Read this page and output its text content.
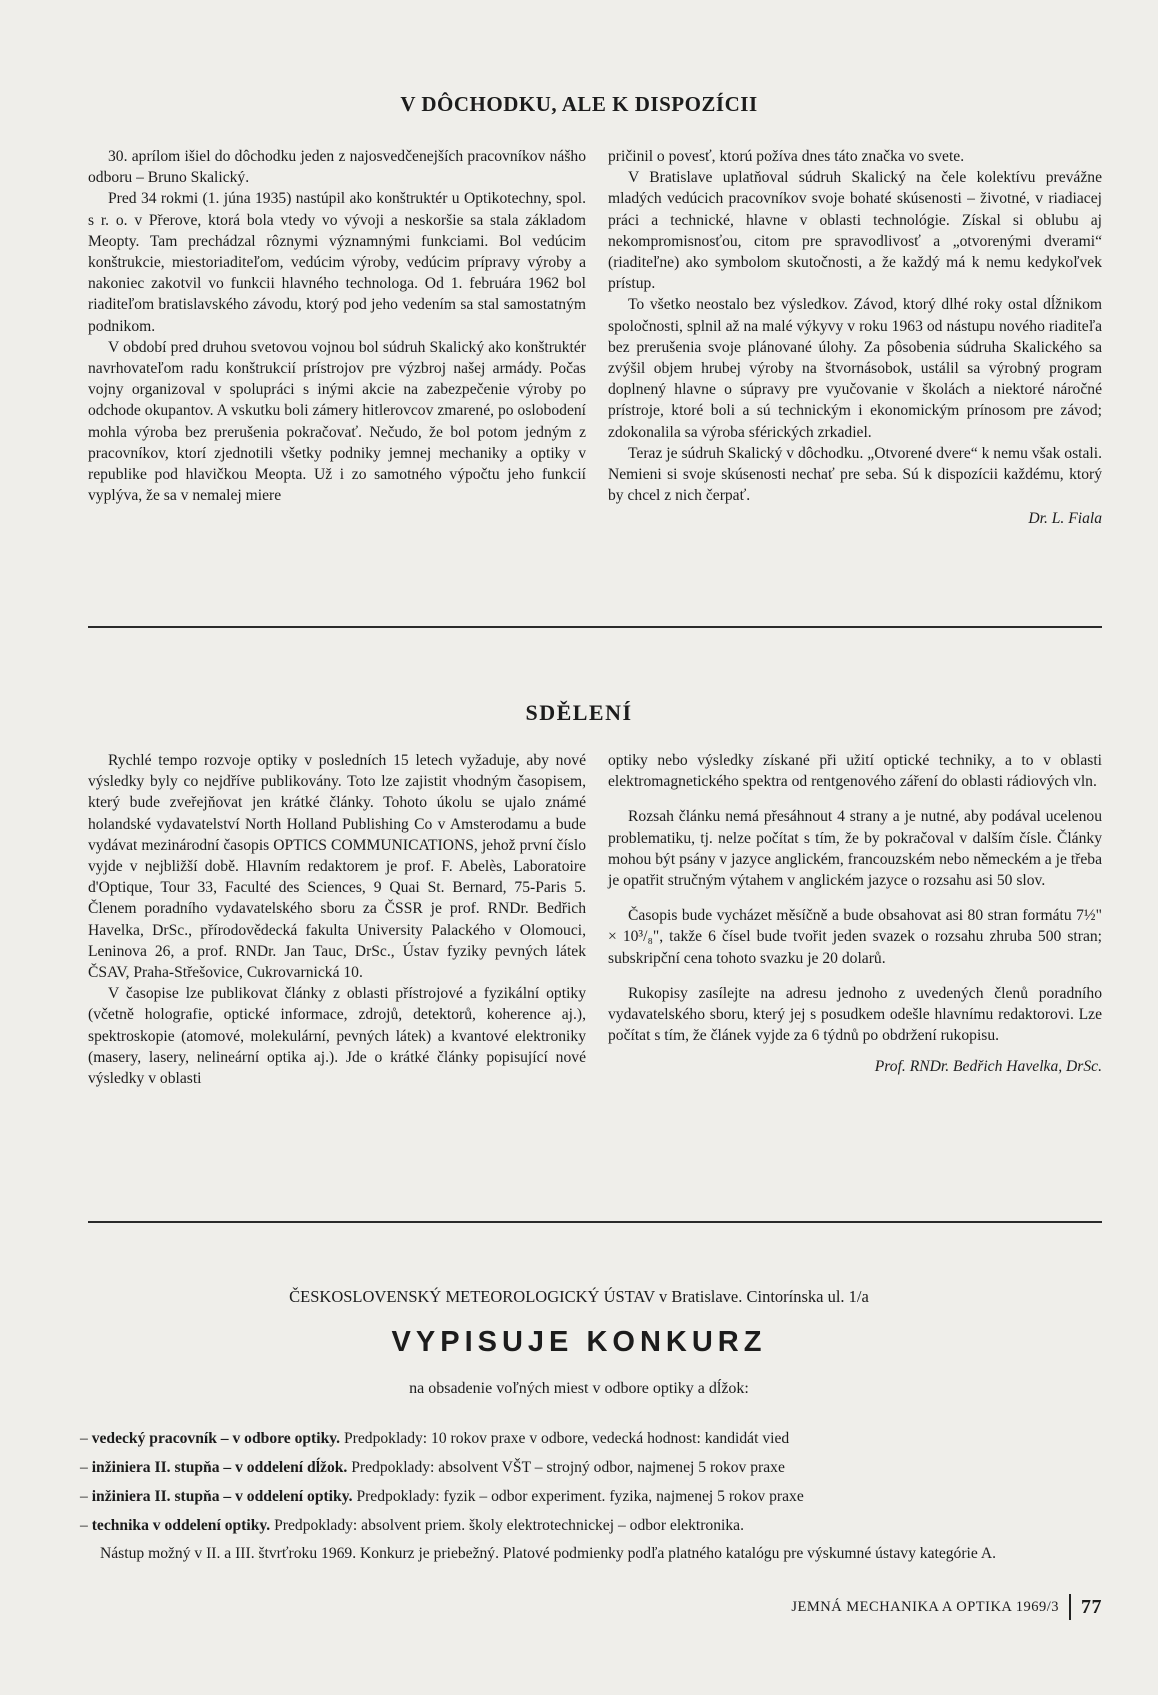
V DÔCHODKU, ALE K DISPOZÍCII

30. aprílom išiel do dôchodku jeden z najosvedčenejších pracovníkov nášho odboru – Bruno Skalický.

Pred 34 rokmi (1. júna 1935) nastúpil ako konštruktér u Optikotechny, spol. s r. o. v Přerove, ktorá bola vtedy vo vývoji a neskoršie sa stala základom Meopty. Tam prechádzal rôznymi významnými funkciami. Bol vedúcim konštrukcie, miestoriaditeľom, vedúcim výroby, vedúcim prípravy výroby a nakoniec zakotvil vo funkcii hlavného technologa. Od 1. februára 1962 bol riaditeľom bratislavského závodu, ktorý pod jeho vedením sa stal samostatným podnikom.

V období pred druhou svetovou vojnou bol súdruh Skalický ako konštruktér navrhovateľom radu konštrukcií prístrojov pre výzbroj našej armády. Počas vojny organizoval v spolupráci s inými akcie na zabezpečenie výroby po odchode okupantov. A vskutku boli zámery hitlerovcov zmarené, po oslobodení mohla výroba bez prerušenia pokračovať. Nečudo, že bol potom jedným z pracovníkov, ktorí zjednotili všetky podniky jemnej mechaniky a optiky v republike pod hlavičkou Meopta. Už i zo samotného výpočtu jeho funkcií vyplýva, že sa v nemalej miere

pričinil o povesť, ktorú požíva dnes táto značka vo svete.

V Bratislave uplatňoval súdruh Skalický na čele kolektívu prevážne mladých vedúcich pracovníkov svoje bohaté skúsenosti – životné, v riadiacej práci a technické, hlavne v oblasti technológie. Získal si oblubu aj nekompromisnosťou, citom pre spravodlivosť a „otvorenými dverami“ (riaditeľne) ako symbolom skutočnosti, a že každý má k nemu kedykoľvek prístup.

To všetko neostalo bez výsledkov. Závod, ktorý dlhé roky ostal dĺžnikom spoločnosti, splnil až na malé výkyvy v roku 1963 od nástupu nového riaditeľa bez prerušenia svoje plánované úlohy. Za pôsobenia súdruha Skalického sa zvýšil objem hrubej výroby na štvornásobok, ustálil sa výrobný program doplnený hlavne o súpravy pre vyučovanie v školách a niektoré náročné prístroje, ktoré boli a sú technickým i ekonomickým prínosom pre závod; zdokonalila sa výroba sférických zrkadiel.

Teraz je súdruh Skalický v dôchodku. „Otvorené dvere“ k nemu však ostali. Nemieni si svoje skúsenosti nechať pre seba. Sú k dispozícii každému, ktorý by chcel z nich čerpať.

Dr. L. Fiala
SDĚLENÍ

Rychlé tempo rozvoje optiky v posledních 15 letech vyžaduje, aby nové výsledky byly co nejdříve publikovány. Toto lze zajistit vhodným časopisem, který bude zveřejňovat jen krátké články. Tohoto úkolu se ujalo známé holandské vydavatelství North Holland Publishing Co v Amsterodamu a bude vydávat mezinárodní časopis OPTICS COMMUNICATIONS, jehož první číslo vyjde v nejbližší době. Hlavním redaktorem je prof. F. Abelès, Laboratoire d'Optique, Tour 33, Faculté des Sciences, 9 Quai St. Bernard, 75-Paris 5. Členem poradního vydavatelského sboru za ČSSR je prof. RNDr. Bedřich Havelka, DrSc., přírodovědecká fakulta University Palackého v Olomouci, Leninova 26, a prof. RNDr. Jan Tauc, DrSc., Ústav fyziky pevných látek ČSAV, Praha-Střešovice, Cukrovarnická 10.

V časopise lze publikovat články z oblasti přístrojové a fyzikální optiky (včetně holografie, optické informace, zdrojů, detektorů, koherence aj.), spektroskopie (atomové, molekulární, pevných látek) a kvantové elektroniky (masery, lasery, nelineární optika aj.). Jde o krátké články popisující nové výsledky v oblasti

optiky nebo výsledky získané při užití optické techniky, a to v oblasti elektromagnetického spektra od rentgenového záření do oblasti rádiových vln.

Rozsah článku nemá přesáhnout 4 strany a je nutné, aby podával ucelenou problematiku, tj. nelze počítat s tím, že by pokračoval v dalším čísle. Články mohou být psány v jazyce anglickém, francouzském nebo německém a je třeba je opatřit stručným výtahem v anglickém jazyce o rozsahu asi 50 slov.

Časopis bude vycházet měsíčně a bude obsahovat asi 80 stran formátu 7½" × 10³/₈", takže 6 čísel bude tvořit jeden svazek o rozsahu zhruba 500 stran; subskripční cena tohoto svazku je 20 dolarů.

Rukopisy zasílejte na adresu jednoho z uvedených členů poradního vydavatelského sboru, který jej s posudkem odešle hlavnímu redaktorovi. Lze počítat s tím, že článek vyjde za 6 týdnů po obdržení rukopisu.

Prof. RNDr. Bedřich Havelka, DrSc.
ČESKOSLOVENSKÝ METEOROLOGICKÝ ÚSTAV v Bratislave. Cintorínska ul. 1/a
VYPISUJE KONKURZ
na obsadenie voľných miest v odbore optiky a dĺžok:
– vedecký pracovník – v odbore optiky. Predpoklady: 10 rokov praxe v odbore, vedecká hodnost: kandidát vied
– inžiniera II. stupňa – v oddelení dĺžok. Predpoklady: absolvent VŠT – strojný odbor, najmenej 5 rokov praxe
– inžiniera II. stupňa – v oddelení optiky. Predpoklady: fyzik – odbor experiment. fyzika, najmenej 5 rokov praxe
– technika v oddelení optiky. Predpoklady: absolvent priem. školy elektrotechnickej – odbor elektronika.

Nástup možný v II. a III. štvrťroku 1969. Konkurz je priebežný. Platové podmienky podľa platného katalógu pre výskumné ústavy kategórie A.

JEMNÁ MECHANIKA A OPTIKA 1969/3 77
